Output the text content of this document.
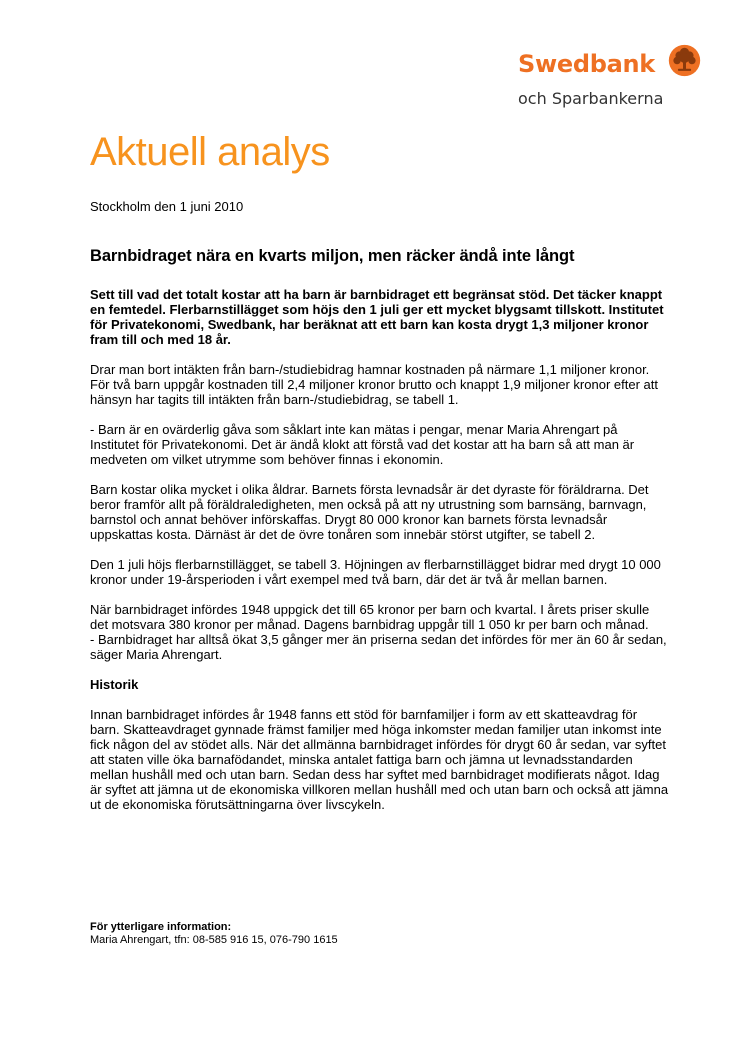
Swedbank
och Sparbankerna
Aktuell analys
Stockholm den 1 juni 2010
Barnbidraget nära en kvarts miljon, men räcker ändå inte långt

Sett till vad det totalt kostar att ha barn är barnbidraget ett begränsat stöd. Det täcker knappt en femtedel. Flerbarnstillägget som höjs den 1 juli ger ett mycket blygsamt tillskott. Institutet för Privatekonomi, Swedbank, har beräknat att ett barn kan kosta drygt 1,3 miljoner kronor fram till och med 18 år.

Drar man bort intäkten från barn-/studiebidrag hamnar kostnaden på närmare 1,1 miljoner kronor. För två barn uppgår kostnaden till 2,4 miljoner kronor brutto och knappt 1,9 miljoner kronor efter att hänsyn har tagits till intäkten från barn-/studiebidrag, se tabell 1.

- Barn är en ovärderlig gåva som såklart inte kan mätas i pengar, menar Maria Ahrengart på Institutet för Privatekonomi. Det är ändå klokt att förstå vad det kostar att ha barn så att man är medveten om vilket utrymme som behöver finnas i ekonomin.

Barn kostar olika mycket i olika åldrar. Barnets första levnadsår är det dyraste för föräldrarna. Det beror framför allt på föräldraledigheten, men också på att ny utrustning som barnsäng, barnvagn, barnstol och annat behöver införskaffas. Drygt 80 000 kronor kan barnets första levnadsår uppskattas kosta. Därnäst är det de övre tonåren som innebär störst utgifter, se tabell 2.

Den 1 juli höjs flerbarnstillägget, se tabell 3. Höjningen av flerbarnstillägget bidrar med drygt 10 000 kronor under 19-årsperioden i vårt exempel med två barn, där det är två år mellan barnen.

När barnbidraget infördes 1948 uppgick det till 65 kronor per barn och kvartal. I årets priser skulle det motsvara 380 kronor per månad. Dagens barnbidrag uppgår till 1 050 kr per barn och månad.

- Barnbidraget har alltså ökat 3,5 gånger mer än priserna sedan det infördes för mer än 60 år sedan, säger Maria Ahrengart.

Historik

Innan barnbidraget infördes år 1948 fanns ett stöd för barnfamiljer i form av ett skatteavdrag för barn. Skatteavdraget gynnade främst familjer med höga inkomster medan familjer utan inkomst inte fick någon del av stödet alls. När det allmänna barnbidraget infördes för drygt 60 år sedan, var syftet att staten ville öka barnafödandet, minska antalet fattiga barn och jämna ut levnadsstandarden mellan hushåll med och utan barn. Sedan dess har syftet med barnbidraget modifierats något. Idag är syftet att jämna ut de ekonomiska villkoren mellan hushåll med och utan barn och också att jämna ut de ekonomiska förutsättningarna över livscykeln.

För ytterligare information:
Maria Ahrengart, tfn: 08-585 916 15, 076-790 1615
